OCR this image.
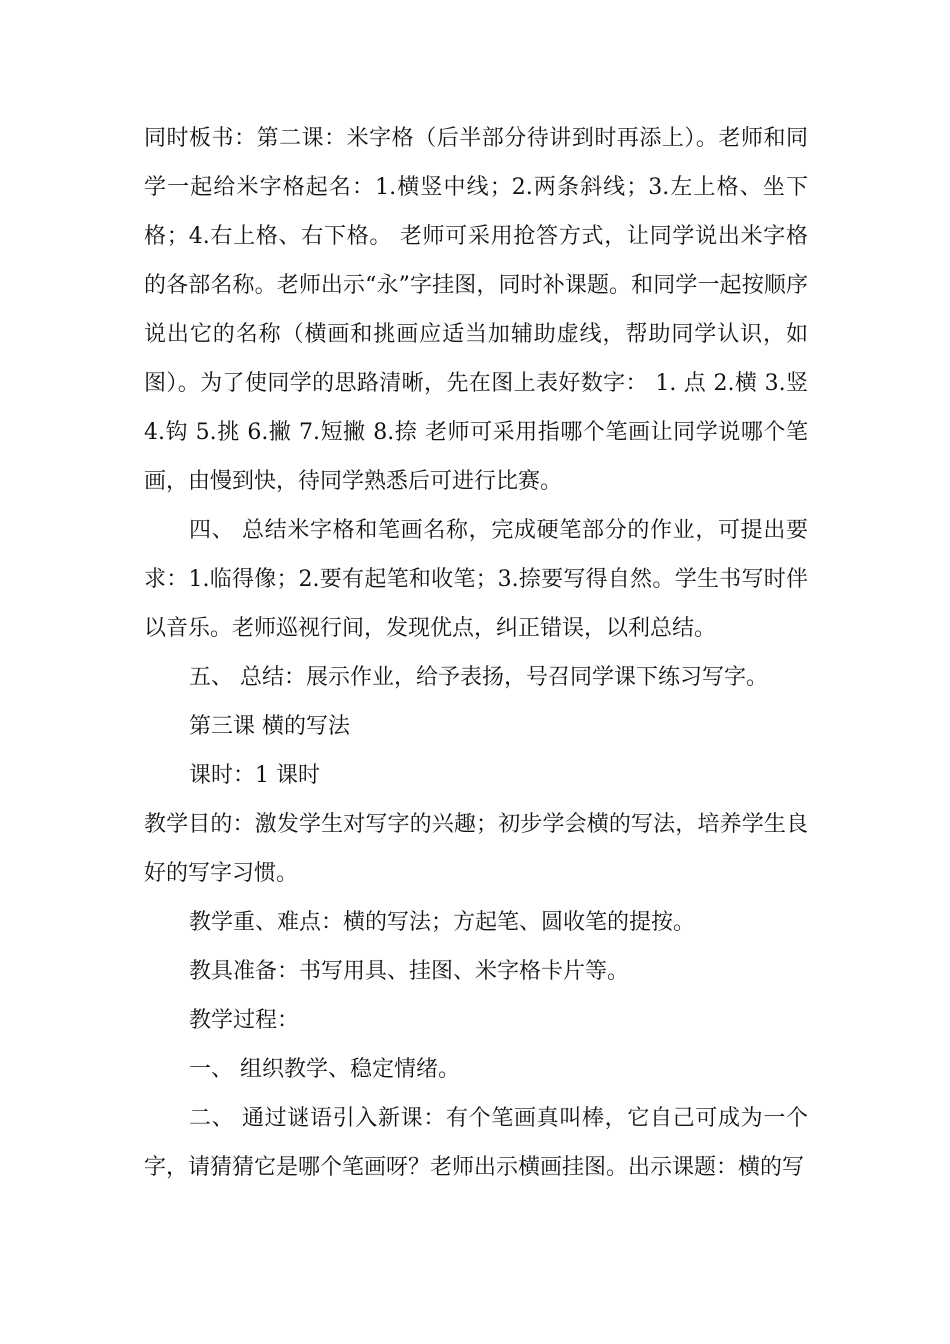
同时板书：第二课：米字格（后半部分待讲到时再添上）。老师和同学一起给米字格起名：1.横竖中线；2.两条斜线；3.左上格、坐下格；4.右上格、右下格。 老师可采用抢答方式，让同学说出米字格的各部名称。老师出示“永”字挂图，同时补课题。和同学一起按顺序说出它的名称（横画和挑画应适当加辅助虚线，帮助同学认识，如图）。为了使同学的思路清晰，先在图上表好数字： 1. 点 2.横 3.竖 4.钩 5.挑 6.撇 7.短撇 8.捺 老师可采用指哪个笔画让同学说哪个笔画，由慢到快，待同学熟悉后可进行比赛。

四、 总结米字格和笔画名称，完成硬笔部分的作业，可提出要求：1.临得像；2.要有起笔和收笔；3.捺要写得自然。学生书写时伴以音乐。老师巡视行间，发现优点，纠正错误，以利总结。

五、 总结：展示作业，给予表扬，号召同学课下练习写字。

第三课 横的写法

课时：1 课时

教学目的：激发学生对写字的兴趣；初步学会横的写法，培养学生良好的写字习惯。

教学重、难点：横的写法；方起笔、圆收笔的提按。

教具准备：书写用具、挂图、米字格卡片等。

教学过程：

一、 组织教学、稳定情绪。

二、 通过谜语引入新课：有个笔画真叫棒，它自己可成为一个字，请猜猜它是哪个笔画呀？老师出示横画挂图。出示课题：横的写
